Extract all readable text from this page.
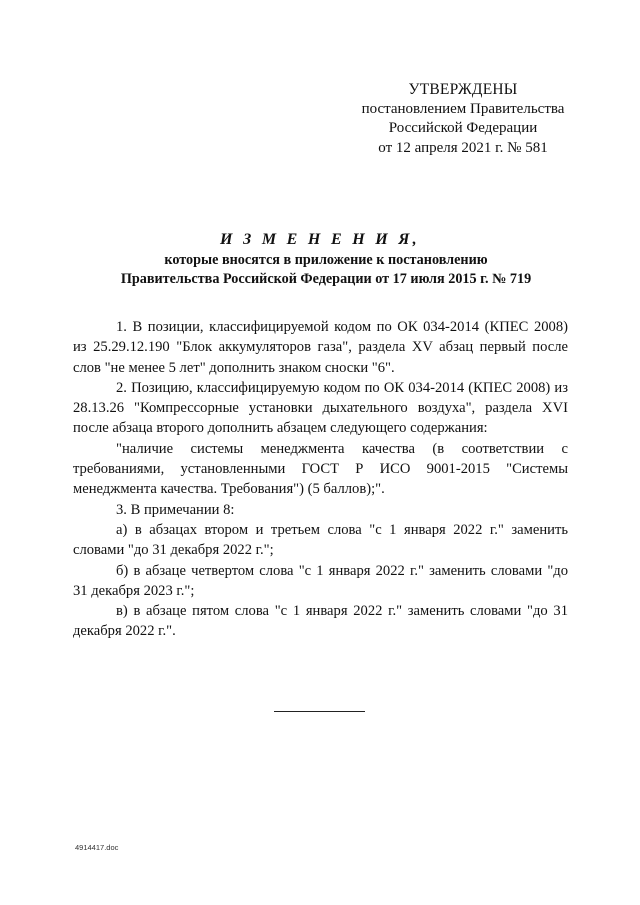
УТВЕРЖДЕНЫ
постановлением Правительства
Российской Федерации
от 12 апреля 2021 г. № 581
И З М Е Н Е Н И Я,
которые вносятся в приложение к постановлению
Правительства Российской Федерации от 17 июля 2015 г. № 719

1. В позиции, классифицируемой кодом по ОК 034-2014 (КПЕС 2008) из 25.29.12.190 "Блок аккумуляторов газа", раздела XV абзац первый после слов "не менее 5 лет" дополнить знаком сноски "6".

2. Позицию, классифицируемую кодом по ОК 034-2014 (КПЕС 2008) из 28.13.26 "Компрессорные установки дыхательного воздуха", раздела XVI после абзаца второго дополнить абзацем следующего содержания:

"наличие системы менеджмента качества (в соответствии с требованиями, установленными ГОСТ Р ИСО 9001-2015 "Системы менеджмента качества. Требования") (5 баллов);".

3. В примечании 8:

а) в абзацах втором и третьем слова "с 1 января 2022 г." заменить словами "до 31 декабря 2022 г.";

б) в абзаце четвертом слова "с 1 января 2022 г." заменить словами "до 31 декабря 2023 г.";

в) в абзаце пятом слова "с 1 января 2022 г." заменить словами "до 31 декабря 2022 г.".

4914417.doc
